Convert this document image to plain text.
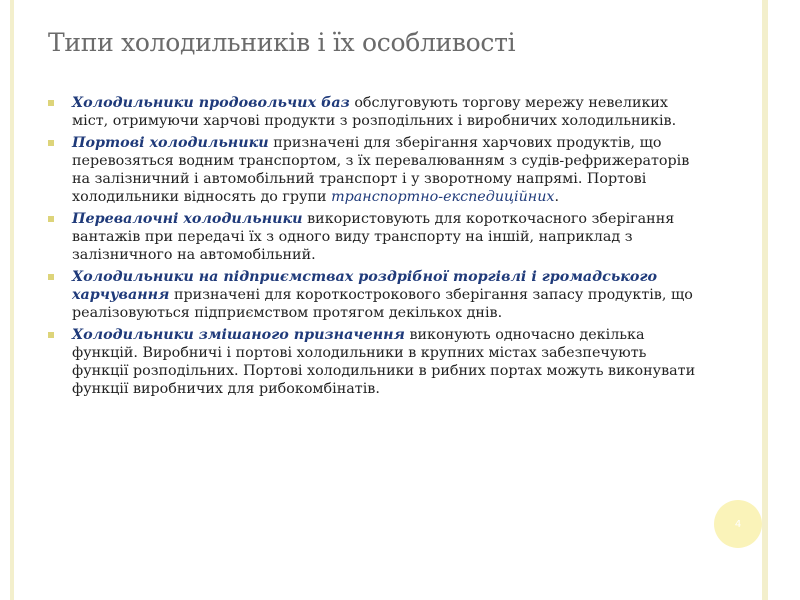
Типи холодильників і їх особливості
Холодильники продовольчих баз обслуговують торгову мережу невеликих міст, отримуючи харчові продукти з розподільних і виробничих холодильників.
Портові холодильники призначені для зберігання харчових продуктів, що перевозяться водним транспортом, з їх перевалюванням з судів-рефрижераторів на залізничний і автомобільний транспорт і у зворотному напрямі. Портові холодильники відносять до групи транспортно-експедиційних.
Перевалочні холодильники використовують для короткочасного зберігання вантажів при передачі їх з одного виду транспорту на іншій, наприклад з залізничного на автомобільний.
Холодильники на підприємствах роздрібної торгівлі і громадського харчування призначені для короткострокового зберігання запасу продуктів, що реалізовуються підприємством протягом декількох днів.
Холодильники змішаного призначення виконують одночасно декілька функцій. Виробничі і портові холодильники в крупних містах забезпечують функції розподільних. Портові холодильники в рибних портах можуть виконувати функції виробничих для рибокомбінатів.
4
